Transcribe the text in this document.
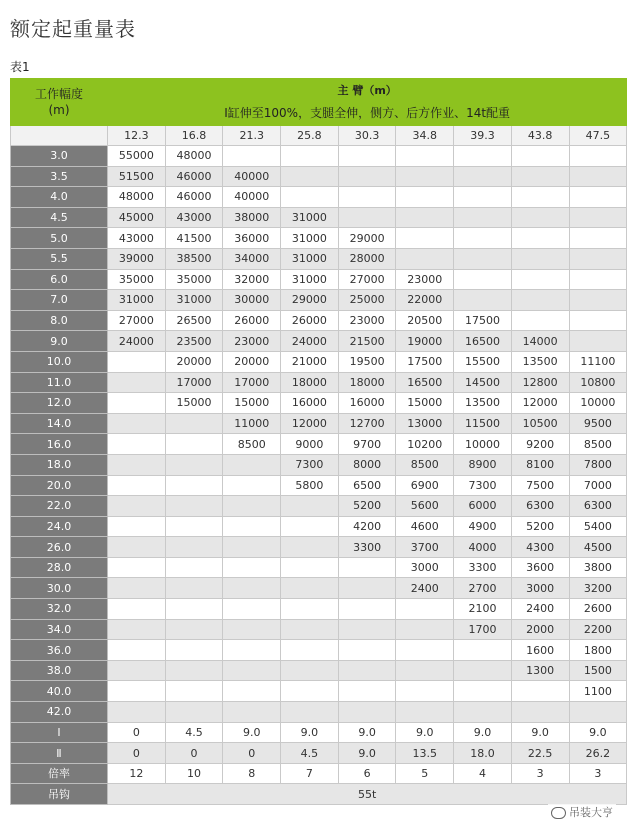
额定起重量表
表1
工作幅度
(m)	主 臂（m）								
	Ⅰ缸伸至100%，支腿全伸，侧方、后方作业、14t配重								
	12.3	16.8	21.3	25.8	30.3	34.8	39.3	43.8	47.5
3.0	55000	48000							
3.5	51500	46000	40000						
4.0	48000	46000	40000						
4.5	45000	43000	38000	31000					
5.0	43000	41500	36000	31000	29000				
5.5	39000	38500	34000	31000	28000				
6.0	35000	35000	32000	31000	27000	23000			
7.0	31000	31000	30000	29000	25000	22000			
8.0	27000	26500	26000	26000	23000	20500	17500		
9.0	24000	23500	23000	24000	21500	19000	16500	14000	
10.0		20000	20000	21000	19500	17500	15500	13500	11100
11.0		17000	17000	18000	18000	16500	14500	12800	10800
12.0		15000	15000	16000	16000	15000	13500	12000	10000
14.0			11000	12000	12700	13000	11500	10500	9500
16.0			8500	9000	9700	10200	10000	9200	8500
18.0				7300	8000	8500	8900	8100	7800
20.0				5800	6500	6900	7300	7500	7000
22.0					5200	5600	6000	6300	6300
24.0					4200	4600	4900	5200	5400
26.0					3300	3700	4000	4300	4500
28.0						3000	3300	3600	3800
30.0						2400	2700	3000	3200
32.0							2100	2400	2600
34.0							1700	2000	2200
36.0								1600	1800
38.0								1300	1500
40.0									1100
42.0									
Ⅰ	0	4.5	9.0	9.0	9.0	9.0	9.0	9.0	9.0
Ⅱ	0	0	0	4.5	9.0	13.5	18.0	22.5	26.2
倍率	12	10	8	7	6	5	4	3	3
吊钩	55t								
吊装大亨
